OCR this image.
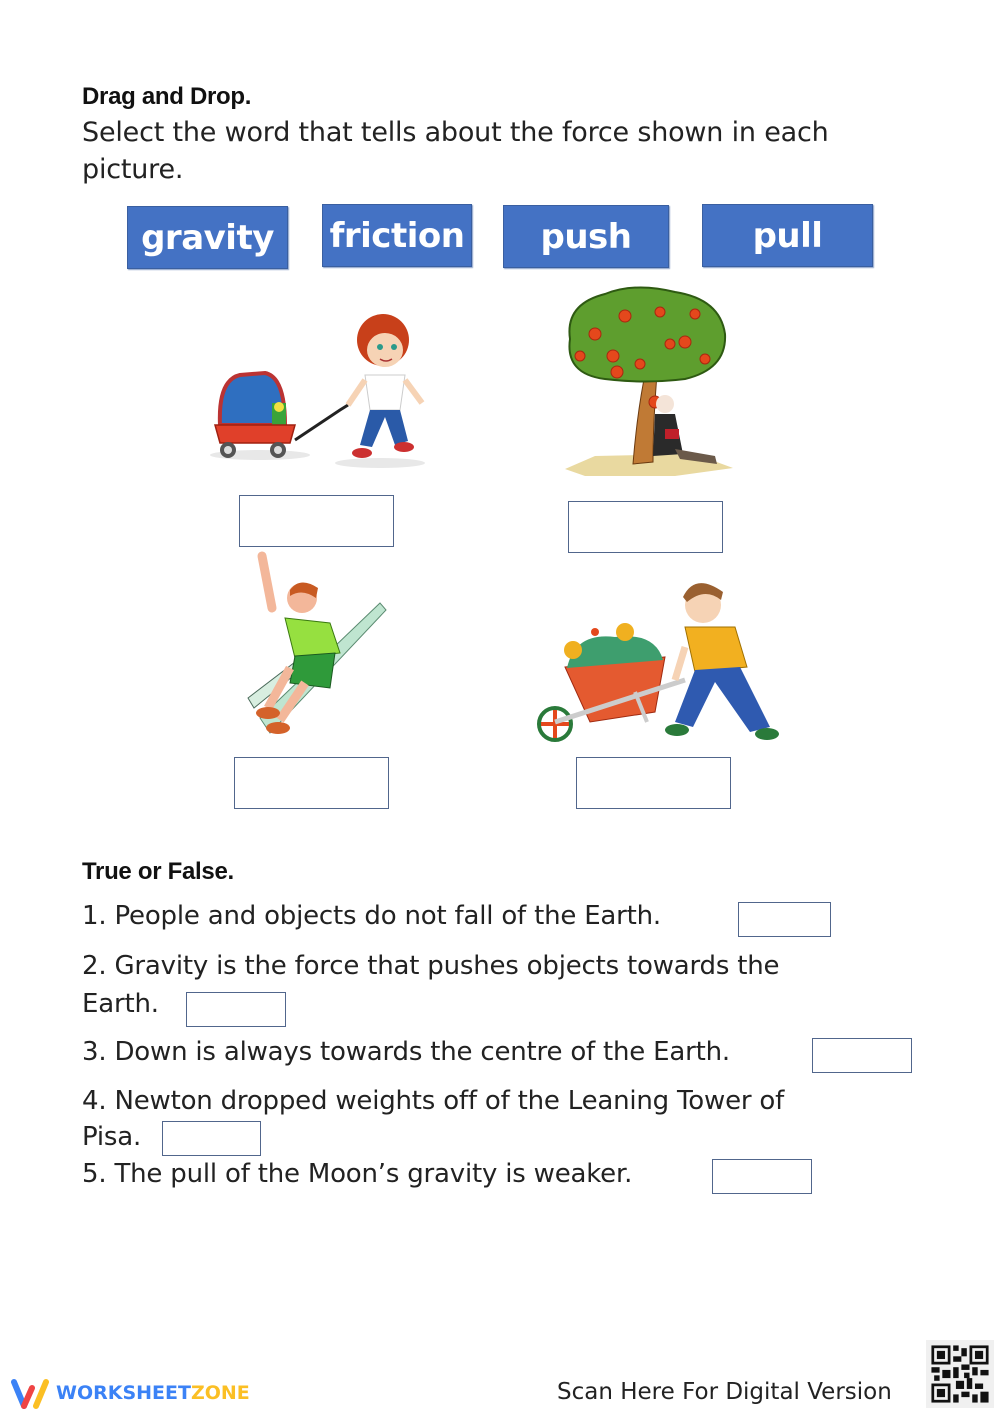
Drag and Drop.
Select the word that tells about the force shown in each
picture.
gravity	friction	push	pull
True or False.
1. People and objects do not fall of the Earth.
2. Gravity is the force that pushes objects towards the
Earth.
3. Down is always towards the centre of the Earth.
4. Newton dropped weights off of the Leaning Tower of
Pisa.
5. The pull of the Moon’s gravity is weaker.
WORKSHEET ZONE	Scan Here For Digital Version
